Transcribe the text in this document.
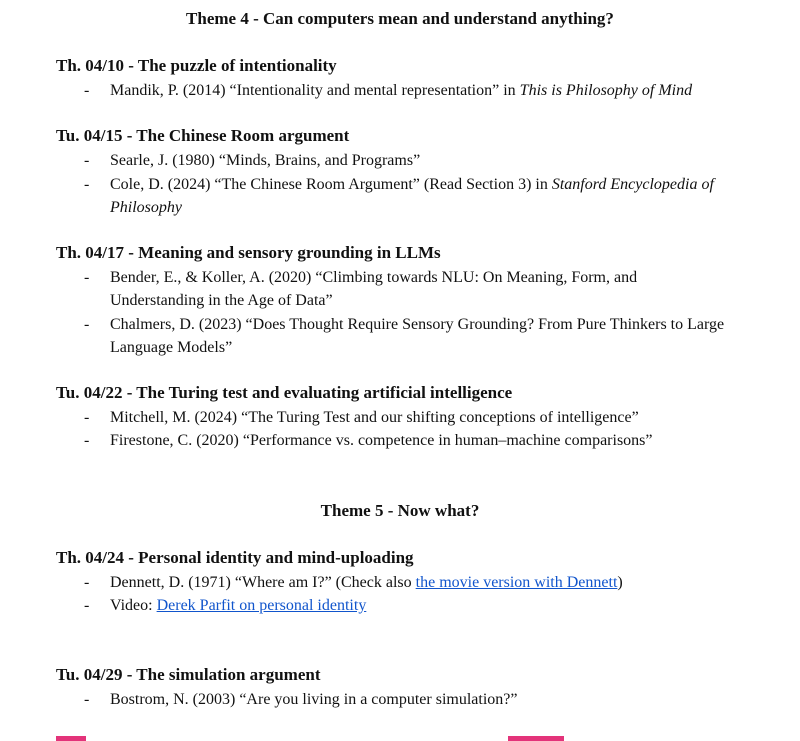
Theme 4 - Can computers mean and understand anything?
Th. 04/10 - The puzzle of intentionality
-	Mandik, P. (2014) “Intentionality and mental representation” in This is Philosophy of Mind
Tu. 04/15 - The Chinese Room argument
-	Searle, J. (1980) “Minds, Brains, and Programs”
-	Cole, D. (2024) “The Chinese Room Argument” (Read Section 3) in Stanford Encyclopedia of Philosophy
Th. 04/17 - Meaning and sensory grounding in LLMs
-	Bender, E., & Koller, A. (2020) “Climbing towards NLU: On Meaning, Form, and Understanding in the Age of Data”
-	Chalmers, D. (2023) “Does Thought Require Sensory Grounding? From Pure Thinkers to Large Language Models”
Tu. 04/22 - The Turing test and evaluating artificial intelligence
-	Mitchell, M. (2024) “The Turing Test and our shifting conceptions of intelligence”
-	Firestone, C. (2020) “Performance vs. competence in human–machine comparisons”
Theme 5 - Now what?
Th. 04/24 - Personal identity and mind-uploading
-	Dennett, D. (1971) “Where am I?” (Check also the movie version with Dennett)
-	Video: Derek Parfit on personal identity
Tu. 04/29 - The simulation argument
-	Bostrom, N. (2003) “Are you living in a computer simulation?”
